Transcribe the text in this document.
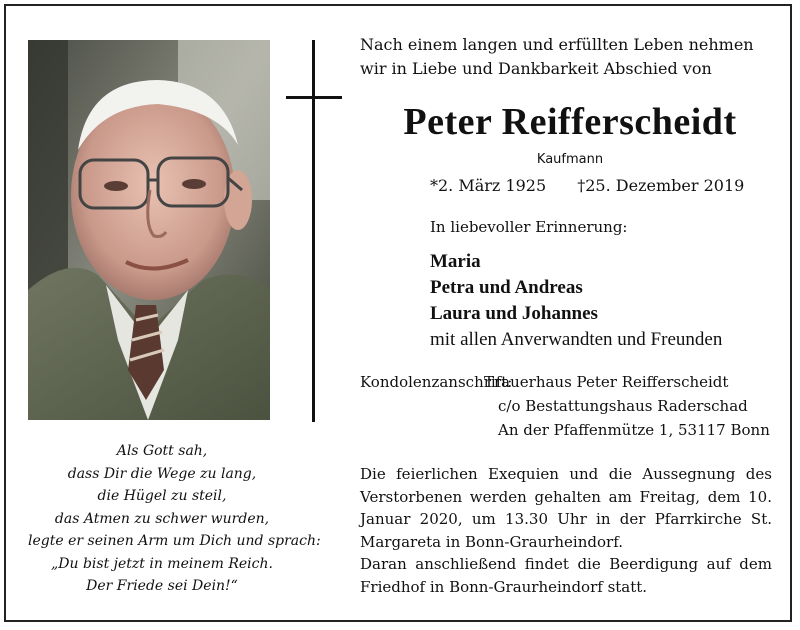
Nach einem langen und erfüllten Leben nehmen wir in Liebe und Dankbarkeit Abschied von
Peter Reifferscheidt
Kaufmann
*2. März 1925 †25. Dezember 2019
In liebevoller Erinnerung:
Maria
Petra und Andreas
Laura und Johannes
mit allen Anverwandten und Freunden
Kondolenzanschrift:
Trauerhaus Peter Reifferscheidt
c/o Bestattungshaus Raderschad
An der Pfaffenmütze 1, 53117 Bonn
Als Gott sah,
dass Dir die Wege zu lang,
die Hügel zu steil,
das Atmen zu schwer wurden,
legte er seinen Arm um Dich und sprach:
„Du bist jetzt in meinem Reich.
Der Friede sei Dein!“

Die feierlichen Exequien und die Aussegnung des Verstorbenen werden gehalten am Freitag, dem 10. Januar 2020, um 13.30 Uhr in der Pfarrkirche St. Margareta in Bonn-Graurheindorf.

Daran anschließend findet die Beerdigung auf dem Friedhof in Bonn-Graurheindorf statt.
